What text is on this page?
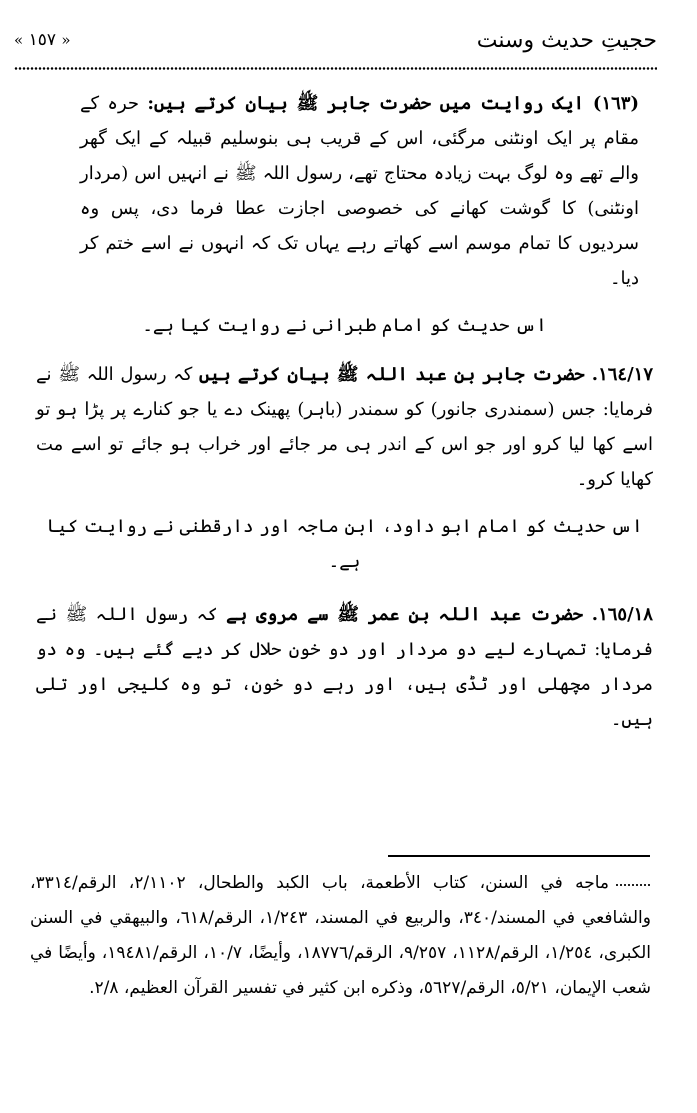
حجیتِ حدیث وسنت
« ١٥٧ »

(١٦٣) ایک روایت میں حضرت جابر ﷺ بیان کرتے ہیں: حرہ کے مقام پر ایک اونٹنی مرگئی، اس کے قریب ہی بنوسلیم قبیلہ کے ایک گھر والے تھے وہ لوگ بہت زیادہ محتاج تھے، رسول اللہ ﷺ نے انہیں اس (مردار اونٹنی) کا گوشت کھانے کی خصوصی اجازت عطا فرما دی، پس وہ سردیوں کا تمام موسم اسے کھاتے رہے یہاں تک کہ انہوں نے اسے ختم کر دیا۔

اس حدیث کو امام طبرانی نے روایت کیا ہے۔

١٦٤/١٧. حضرت جابر بن عبد اللہ ﷺ بیان کرتے ہیں کہ رسول اللہ ﷺ نے فرمایا: جس (سمندری جانور) کو سمندر (باہر) پھینک دے یا جو کنارے پر پڑا ہو تو اسے کھا لیا کرو اور جو اس کے اندر ہی مر جائے اور خراب ہو جائے تو اسے مت کھایا کرو۔

اس حدیث کو امام ابو داود، ابن ماجہ اور دارقطنی نے روایت کیا ہے۔

١٦٥/١٨. حضرت عبد اللہ بن عمر ﷺ سے مروی ہے کہ رسول اللہ ﷺ نے فرمایا: تمہارے لیے دو مردار اور دو خون حلال کر دیے گئے ہیں۔ وہ دو مردار مچھلی اور ٹڈی ہیں، اور رہے دو خون، تو وہ کلیجی اور تلی ہیں۔

ماجه في السنن، كتاب الأطعمة، باب الكبد والطحال، ٢/١١٠٢، الرقم/٣٣١٤، والشافعي في المسند/٣٤٠، والربيع في المسند، ١/٢٤٣، الرقم/٦١٨، والبيهقي في السنن الكبرى، ١/٢٥٤، الرقم/١١٢٨، ٩/٢٥٧، الرقم/١٨٧٧٦، وأيضًا، ١٠/٧، الرقم/١٩٤٨١، وأيضًا في شعب الإيمان، ٥/٢١، الرقم/٥٦٢٧، وذكره ابن كثير في تفسير القرآن العظيم، ٢/٨.
